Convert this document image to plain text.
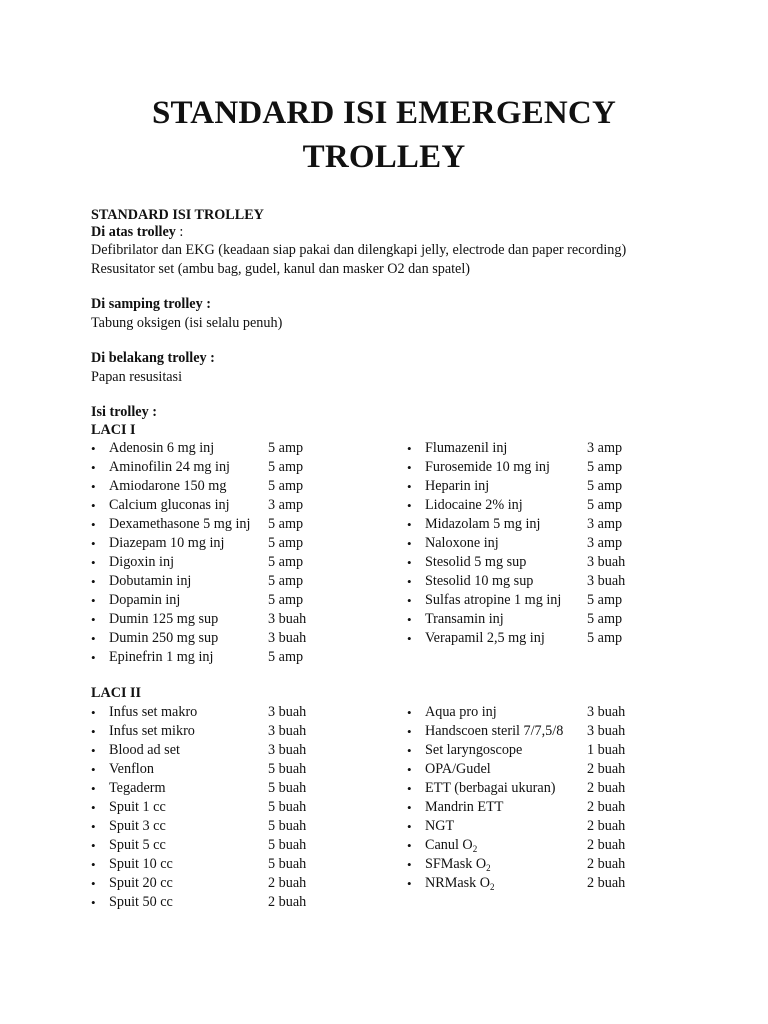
STANDARD ISI EMERGENCY
TROLLEY
STANDARD ISI TROLLEY
Di atas trolley :
Defibrilator dan EKG (keadaan siap pakai dan dilengkapi jelly, electrode dan paper recording)
Resusitator set (ambu bag, gudel, kanul dan masker O2 dan spatel)
Di samping trolley :
Tabung oksigen (isi selalu penuh)
Di belakang trolley :
Papan resusitasi
Isi trolley :
LACI I
• Adenosin 6 mg inj	5 amp
• Aminofilin 24 mg inj	5 amp
• Amiodarone 150 mg	5 amp
• Calcium gluconas inj	3 amp
• Dexamethasone 5 mg inj 5 amp
• Diazepam 10 mg inj	5 amp
• Digoxin inj	5 amp
• Dobutamin inj	5 amp
• Dopamin inj	5 amp
• Dumin 125 mg sup	3 buah
• Dumin 250 mg sup	3 buah
• Epinefrin 1 mg inj	5 amp
• Flumazenil inj	3 amp
• Furosemide 10 mg inj	5 amp
• Heparin inj	5 amp
• Lidocaine 2% inj	5 amp
• Midazolam 5 mg inj	3 amp
• Naloxone inj	3 amp
• Stesolid 5 mg sup	3 buah
• Stesolid 10 mg sup	3 buah
• Sulfas atropine 1 mg inj 5 amp
• Transamin inj	5 amp
• Verapamil 2,5 mg inj	5 amp
LACI II
• Infus set makro	3 buah
• Infus set mikro	3 buah
• Blood ad set	3 buah
• Venflon	5 buah
• Tegaderm	5 buah
• Spuit 1 cc	5 buah
• Spuit 3 cc	5 buah
• Spuit 5 cc	5 buah
• Spuit 10 cc	5 buah
• Spuit 20 cc	2 buah
• Spuit 50 cc	2 buah
• Aqua pro inj	3 buah
• Handscoen steril 7/7,5/8 3 buah
• Set laryngoscope	1 buah
• OPA/Gudel	2 buah
• ETT (berbagai ukuran) 2 buah
• Mandrin ETT	2 buah
• NGT	2 buah
• Canul $O_2$	2 buah
• SFMask $O_2$	2 buah
• NRMask $O_2$	2 buah
